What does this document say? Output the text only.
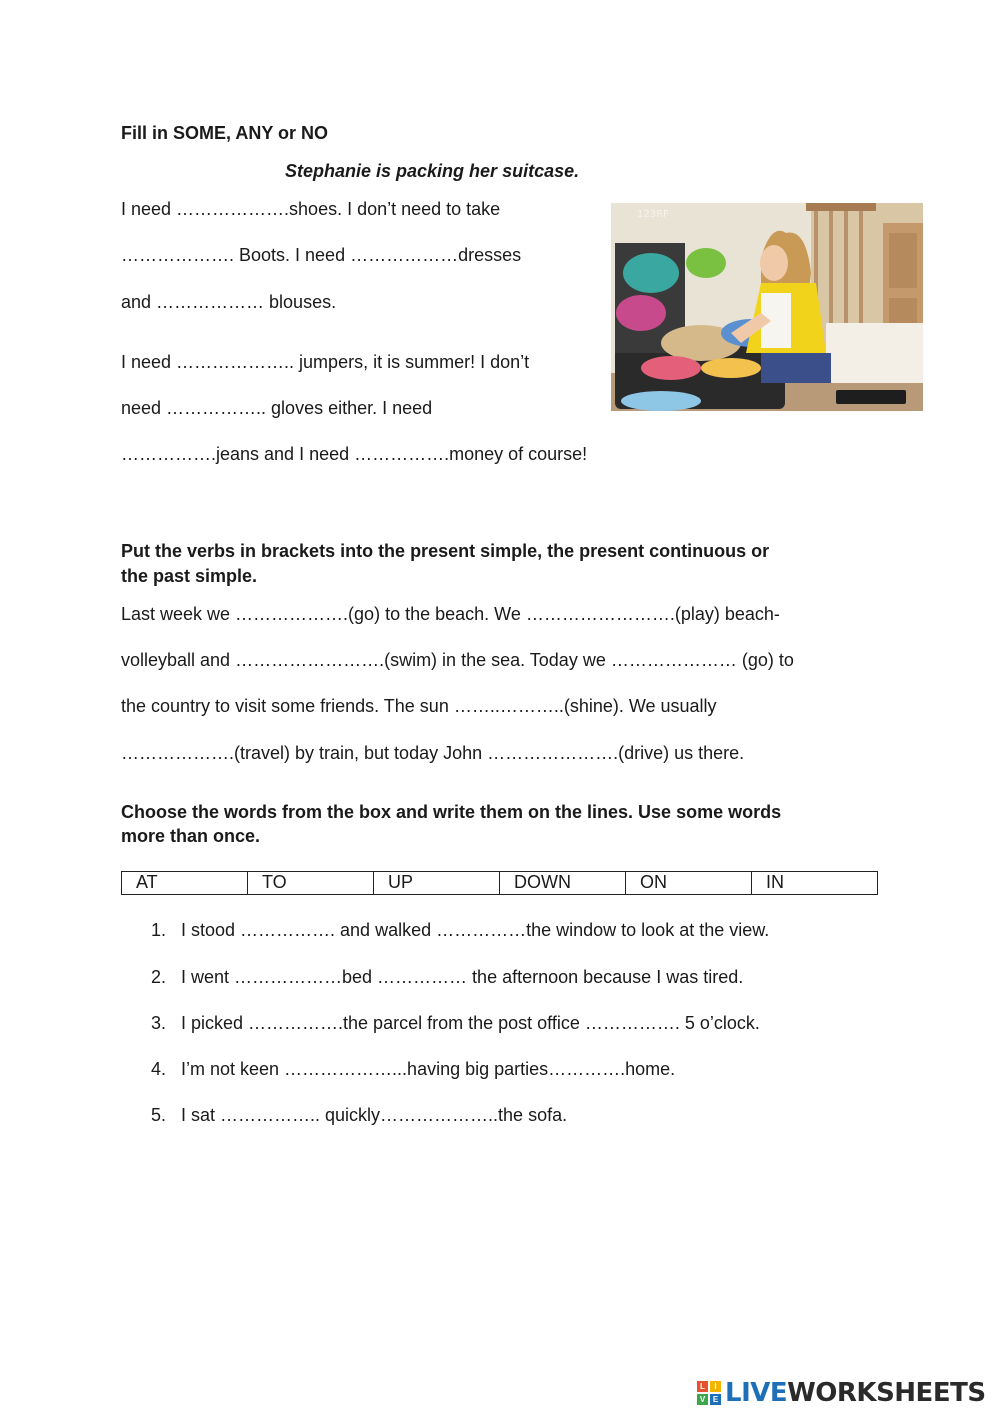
Fill in SOME, ANY or NO
Stephanie is packing her suitcase.
I need ……………….shoes. I don’t need to take
………………. Boots. I need ………………dresses
and ……………… blouses.
I need ……………….. jumpers, it is summer! I don’t
need …………….. gloves either. I need
…………….jeans and I need …………….money of course!
123RF
Put the verbs in brackets into the present simple, the present continuous or
the past simple.
Last week we ……………….(go) to the beach. We …………………….(play) beach-
volleyball and …………………….(swim) in the sea. Today we ………………… (go) to
the country to visit some friends. The sun ……..………..(shine). We usually
……………….(travel) by train, but today John ………………….(drive) us there.
Choose the words from the box and write them on the lines. Use some words
more than once.
AT	TO	UP	DOWN	ON	IN
1. I stood ……………. and walked ……………the window to look at the view.
2. I went ………………bed …………… the afternoon because I was tired.
3. I picked …………….the parcel from the post office ……………. 5 o’clock.
4. I’m not keen ………………...having big parties………….home.
5. I sat …………….. quickly………………..the sofa.
L	I
V E LIVEWORKSHEETS
